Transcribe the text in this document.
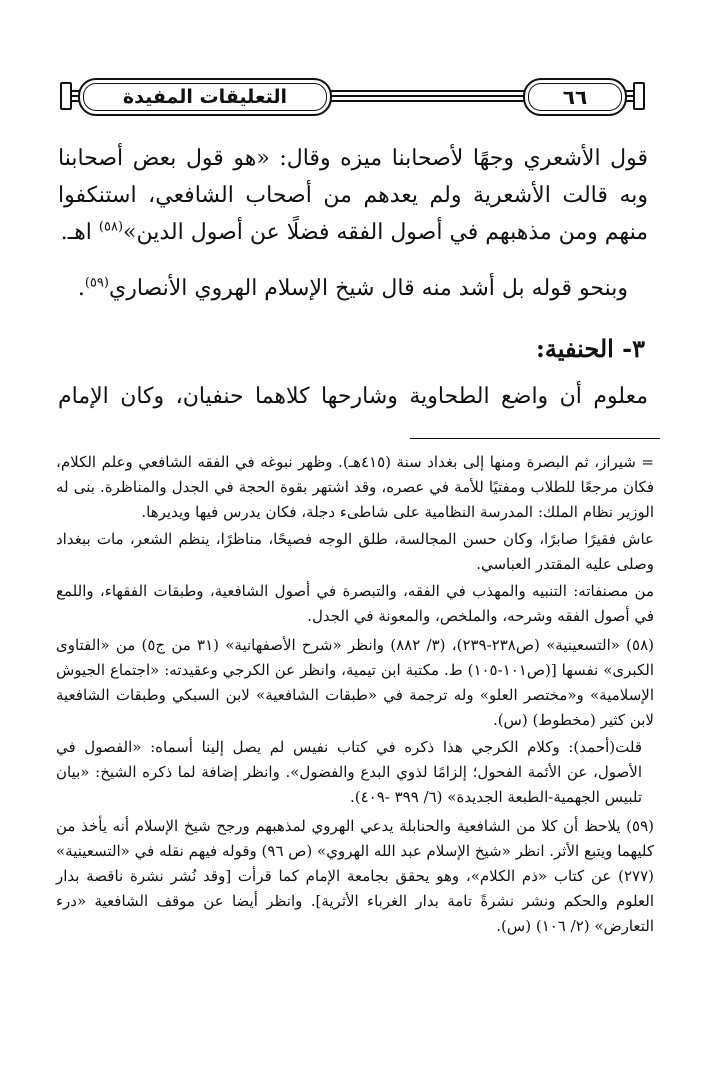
التعليقات المفيدة	٦٦

قول الأشعري وجهًا لأصحابنا ميزه وقال: «هو قول بعض أصحابنا وبه قالت الأشعرية ولم يعدهم من أصحاب الشافعي، استنكفوا منهم ومن مذهبهم في أصول الفقه فضلًا عن أصول الدين»$^{(٥٨)}$ اهـ.

وبنحو قوله بل أشد منه قال شيخ الإسلام الهروي الأنصاري$^{(٥٩)}$.

٣- الحنفية:

معلوم أن واضع الطحاوية وشارحها كلاهما حنفيان، وكان الإمام

= شيراز، ثم البصرة ومنها إلى بغداد سنة (٤١٥هـ). وظهر نبوغه في الفقه الشافعي وعلم الكلام، فكان مرجعًا للطلاب ومفتيًا للأمة في عصره، وقد اشتهر بقوة الحجة في الجدل والمناظرة. بنى له الوزير نظام الملك: المدرسة النظامية على شاطىء دجلة، فكان يدرس فيها ويديرها.

عاش فقيرًا صابرًا، وكان حسن المجالسة، طلق الوجه فصيحًا، مناظرًا، ينظم الشعر، مات ببغداد وصلى عليه المقتدر العباسي.

من مصنفاته: التنبيه والمهذب في الفقه، والتبصرة في أصول الشافعية، وطبقات الفقهاء، واللمع في أصول الفقه وشرحه، والملخص، والمعونة في الجدل.

(٥٨) «التسعينية» (ص٢٣٨-٢٣٩)، (٣/ ٨٨٢) وانظر «شرح الأصفهانية» (٣١ من ج٥) من «الفتاوى الكبرى» نفسها [(ص١٠١-١٠٥) ط. مكتبة ابن تيمية، وانظر عن الكرجي وعقيدته: «اجتماع الجيوش الإسلامية» و«مختصر العلو» وله ترجمة في «طبقات الشافعية» لابن السبكي وطبقات الشافعية لابن كثير (مخطوط) (س).

قلت(أحمد): وكلام الكرجي هذا ذكره في كتاب نفيس لم يصل إلينا أسماه: «الفصول في الأصول، عن الأئمة الفحول؛ إلزامًا لذوي البدع والفضول». وانظر إضافة لما ذكره الشيخ: «بيان تلبيس الجهمية-الطبعة الجديدة» (٦/ ٣٩٩ -٤٠٩).

(٥٩) يلاحظ أن كلا من الشافعية والحنابلة يدعي الهروي لمذهبهم ورجح شيخ الإسلام أنه يأخذ من كليهما ويتبع الأثر. انظر «شيخ الإسلام عبد الله الهروي» (ص ٩٦) وقوله فيهم نقله في «التسعينية» (٢٧٧) عن كتاب «ذم الكلام»، وهو يحقق بجامعة الإمام كما قرأت [وقد نُشر نشرة ناقصة بدار العلوم والحكم ونشر نشرةً تامة بدار الغرباء الأثرية]. وانظر أيضا عن موقف الشافعية «درء التعارض» (٢/ ١٠٦) (س).
